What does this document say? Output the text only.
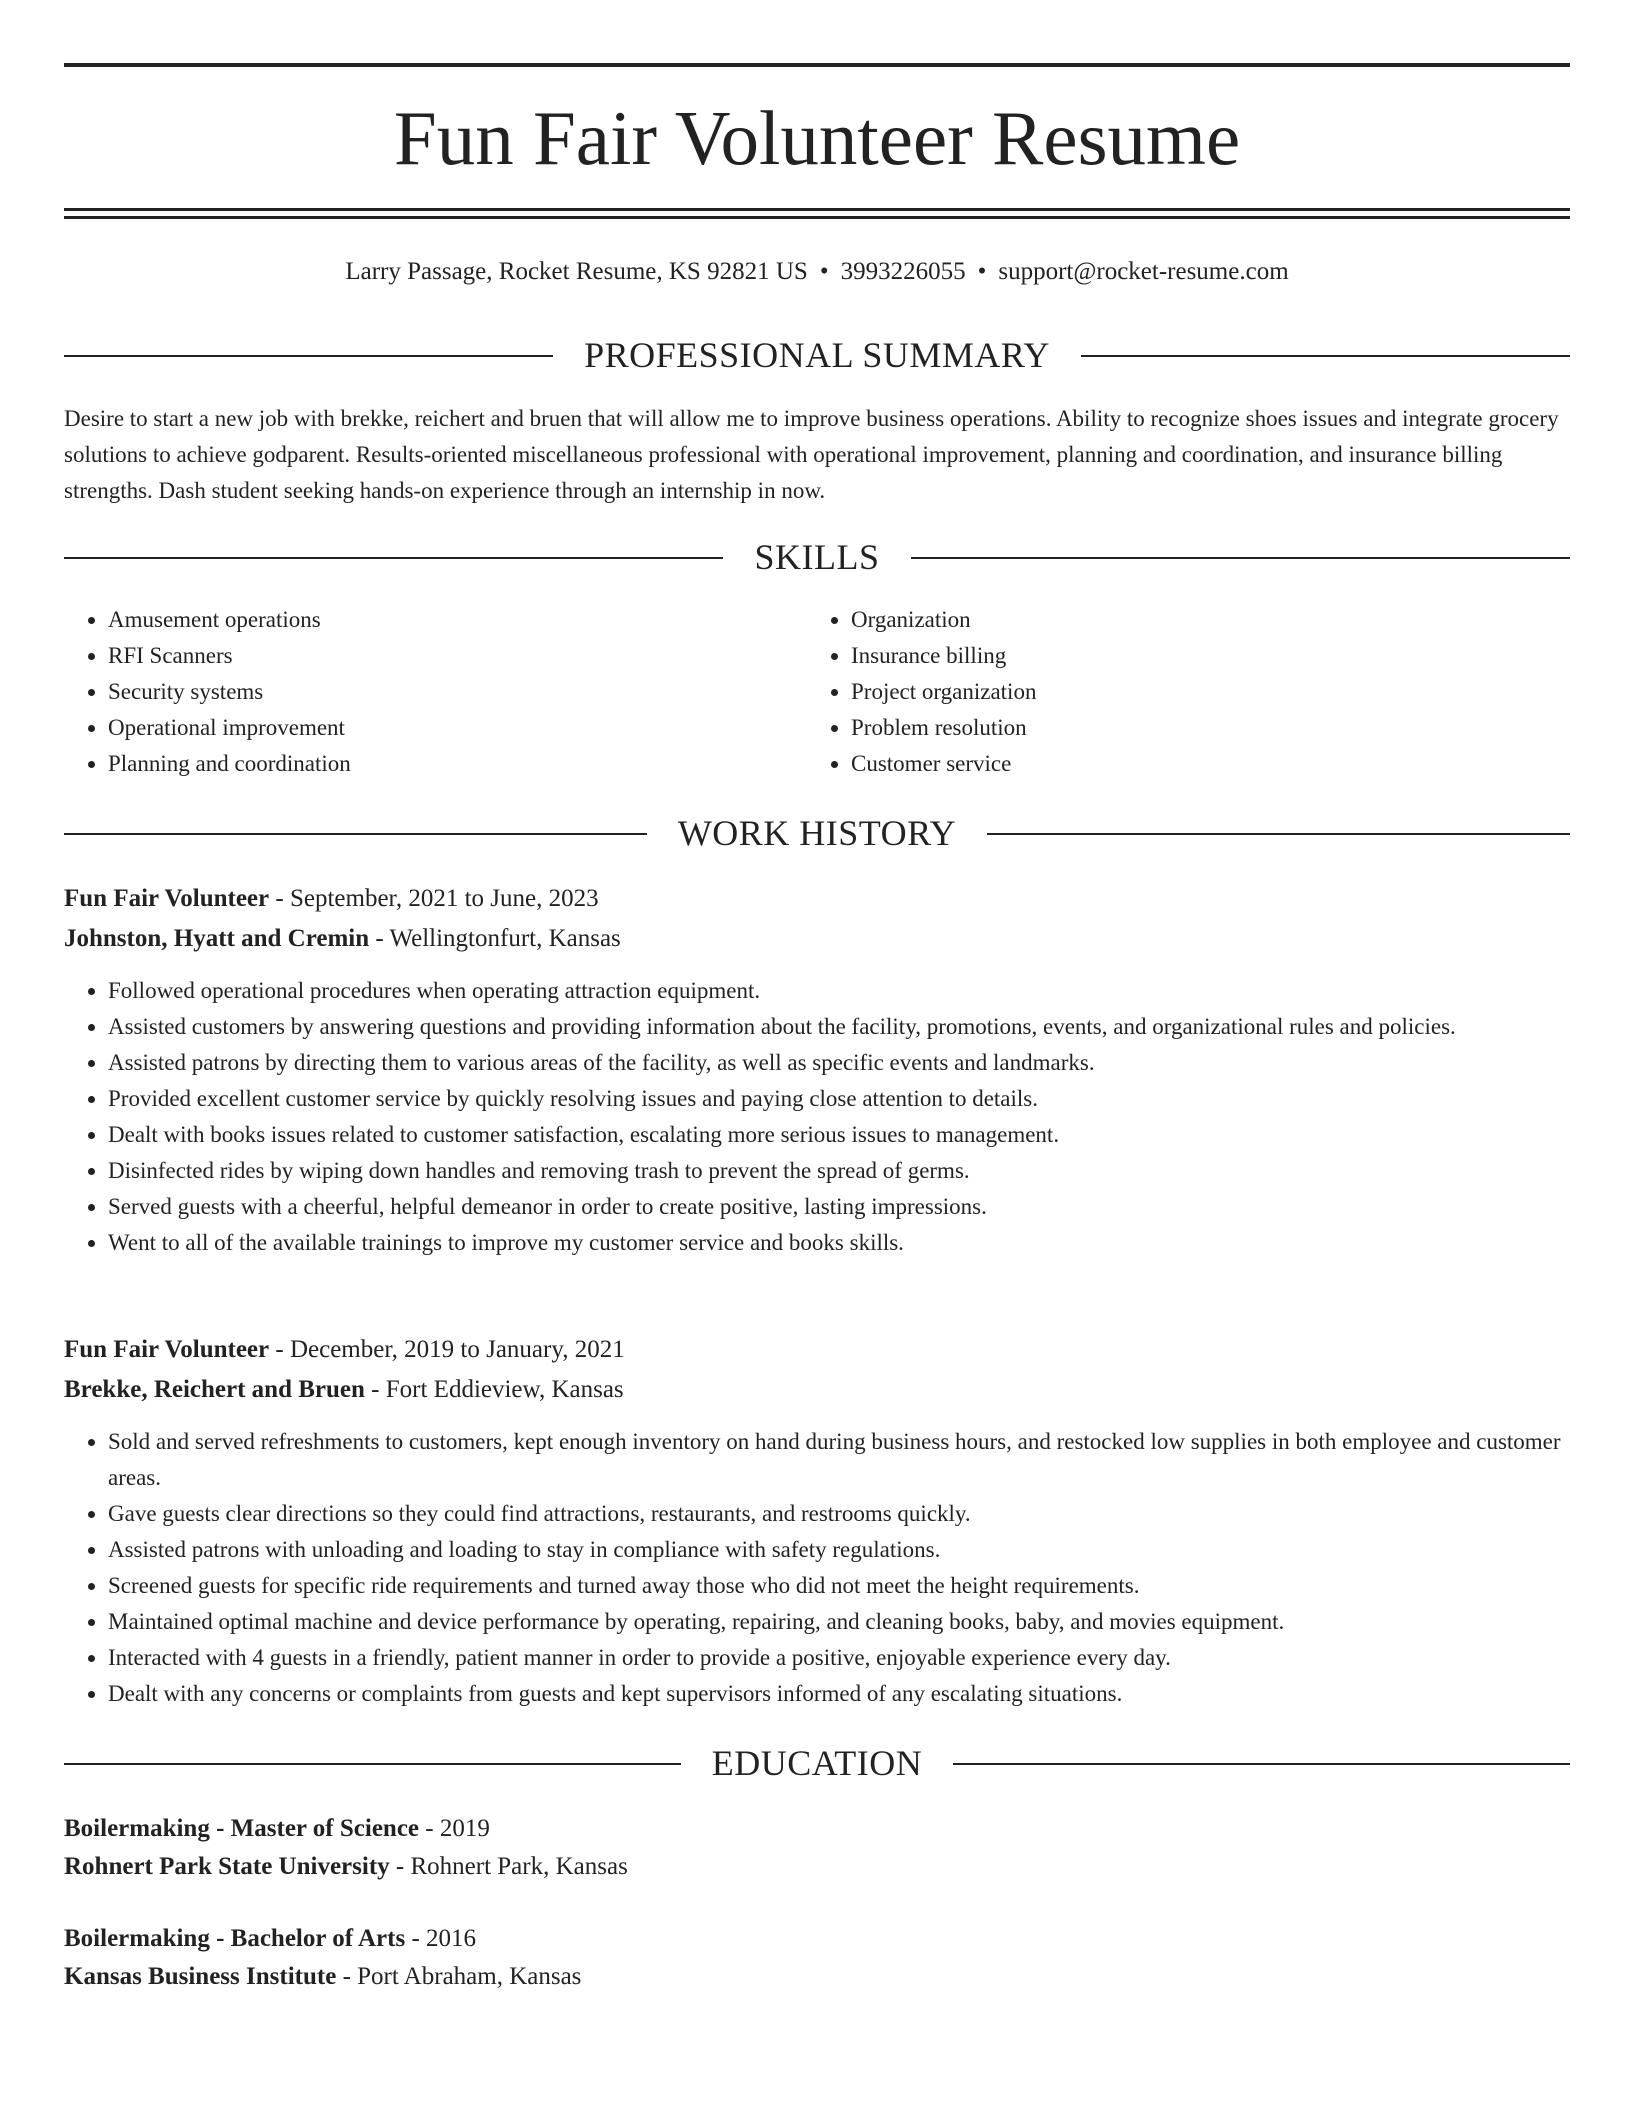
Fun Fair Volunteer Resume
Larry Passage, Rocket Resume, KS 92821 US • 3993226055 • support@rocket-resume.com
PROFESSIONAL SUMMARY

Desire to start a new job with brekke, reichert and bruen that will allow me to improve business operations. Ability to recognize shoes issues and integrate grocery solutions to achieve godparent. Results-oriented miscellaneous professional with operational improvement, planning and coordination, and insurance billing strengths. Dash student seeking hands-on experience through an internship in now.

SKILLS
• Amusement operations
• RFI Scanners
• Security systems
• Operational improvement
• Planning and coordination
• Organization
• Insurance billing
• Project organization
• Problem resolution
• Customer service
WORK HISTORY
Fun Fair Volunteer - September, 2021 to June, 2023
Johnston, Hyatt and Cremin - Wellingtonfurt, Kansas
• Followed operational procedures when operating attraction equipment.
• Assisted customers by answering questions and providing information about the facility, promotions, events, and organizational rules and policies.
• Assisted patrons by directing them to various areas of the facility, as well as specific events and landmarks.
• Provided excellent customer service by quickly resolving issues and paying close attention to details.
• Dealt with books issues related to customer satisfaction, escalating more serious issues to management.
• Disinfected rides by wiping down handles and removing trash to prevent the spread of germs.
• Served guests with a cheerful, helpful demeanor in order to create positive, lasting impressions.
• Went to all of the available trainings to improve my customer service and books skills.
Fun Fair Volunteer - December, 2019 to January, 2021
Brekke, Reichert and Bruen - Fort Eddieview, Kansas
• Sold and served refreshments to customers, kept enough inventory on hand during business hours, and restocked low supplies in both employee and customer areas.
• Gave guests clear directions so they could find attractions, restaurants, and restrooms quickly.
• Assisted patrons with unloading and loading to stay in compliance with safety regulations.
• Screened guests for specific ride requirements and turned away those who did not meet the height requirements.
• Maintained optimal machine and device performance by operating, repairing, and cleaning books, baby, and movies equipment.
• Interacted with 4 guests in a friendly, patient manner in order to provide a positive, enjoyable experience every day.
• Dealt with any concerns or complaints from guests and kept supervisors informed of any escalating situations.
EDUCATION
Boilermaking - Master of Science - 2019
Rohnert Park State University - Rohnert Park, Kansas
Boilermaking - Bachelor of Arts - 2016
Kansas Business Institute - Port Abraham, Kansas
